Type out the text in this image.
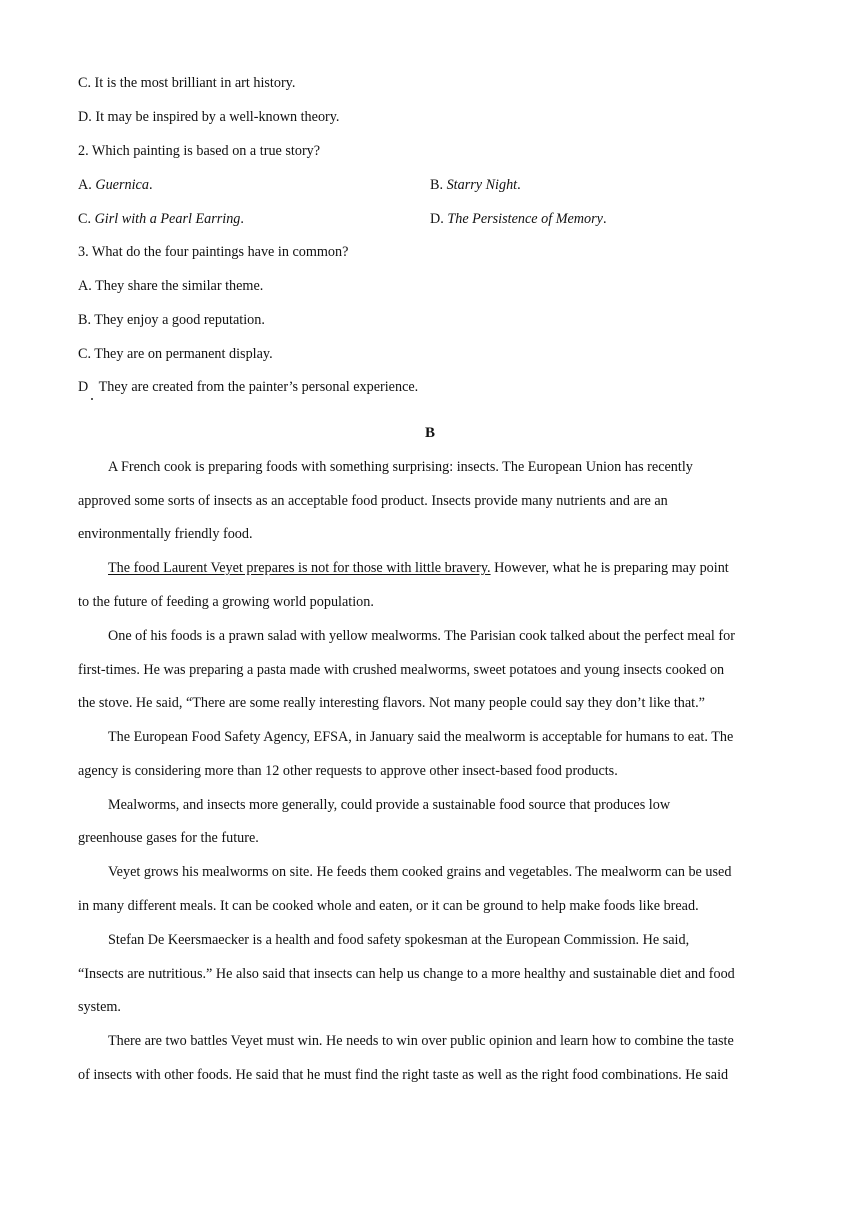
C. It is the most brilliant in art history.
D. It may be inspired by a well-known theory.
2. Which painting is based on a true story?
A. Guernica.	B. Starry Night.
C. Girl with a Pearl Earring.	D. The Persistence of Memory.
3. What do the four paintings have in common?
A. They share the similar theme.
B. They enjoy a good reputation.
C. They are on permanent display.
D   They are created from the painter’s personal experience.
B
A French cook is preparing foods with something surprising: insects. The European Union has recently
approved some sorts of insects as an acceptable food product. Insects provide many nutrients and are an
environmentally friendly food.
The food Laurent Veyet prepares is not for those with little bravery. However, what he is preparing may point
to the future of feeding a growing world population.
One of his foods is a prawn salad with yellow mealworms. The Parisian cook talked about the perfect meal for
first-times. He was preparing a pasta made with crushed mealworms, sweet potatoes and young insects cooked on
the stove. He said, “There are some really interesting flavors. Not many people could say they don’t like that.”
The European Food Safety Agency, EFSA, in January said the mealworm is acceptable for humans to eat. The
agency is considering more than 12 other requests to approve other insect-based food products.
Mealworms, and insects more generally, could provide a sustainable food source that produces low
greenhouse gases for the future.
Veyet grows his mealworms on site. He feeds them cooked grains and vegetables. The mealworm can be used
in many different meals. It can be cooked whole and eaten, or it can be ground to help make foods like bread.
Stefan De Keersmaecker is a health and food safety spokesman at the European Commission. He said,
“Insects are nutritious.” He also said that insects can help us change to a more healthy and sustainable diet and food
system.
There are two battles Veyet must win. He needs to win over public opinion and learn how to combine the taste
of insects with other foods. He said that he must find the right taste as well as the right food combinations. He said
